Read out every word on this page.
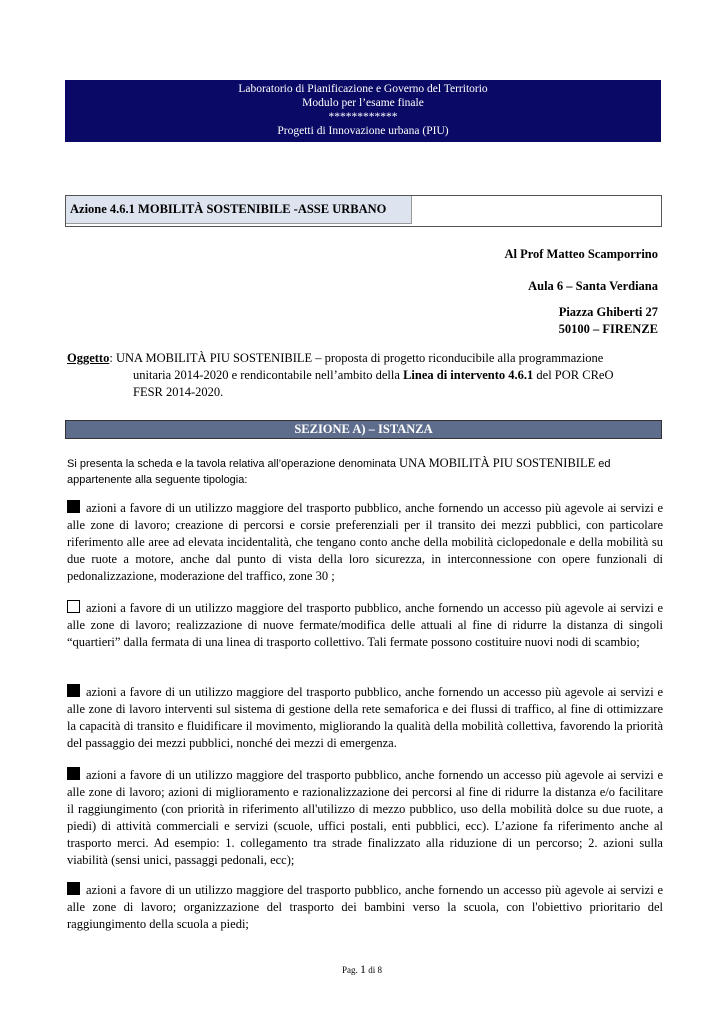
Laboratorio di Pianificazione e Governo del Territorio
Modulo per l’esame finale
************
Progetti di Innovazione urbana (PIU)
Azione 4.6.1 MOBILITÀ SOSTENIBILE -ASSE URBANO
Al Prof Matteo Scamporrino
Aula 6 – Santa Verdiana
Piazza Ghiberti 27
50100 – FIRENZE
Oggetto: UNA MOBILITÀ PIU SOSTENIBILE – proposta di progetto riconducibile alla programmazione
unitaria 2014-2020 e rendicontabile nell’ambito della Linea di intervento 4.6.1 del POR CReO
FESR 2014-2020.
SEZIONE A) – ISTANZA
Si presenta la scheda e la tavola relativa all’operazione denominata UNA MOBILITÀ PIU SOSTENIBILE ed
appartenente alla seguente tipologia:
azioni a favore di un utilizzo maggiore del trasporto pubblico, anche fornendo un accesso più agevole ai servizi e alle zone di lavoro; creazione di percorsi e corsie preferenziali per il transito dei mezzi pubblici, con particolare riferimento alle aree ad elevata incidentalità, che tengano conto anche della mobilità ciclopedonale e della mobilità su due ruote a motore, anche dal punto di vista della loro sicurezza, in interconnessione con opere funzionali di pedonalizzazione, moderazione del traffico, zone 30 ;
azioni a favore di un utilizzo maggiore del trasporto pubblico, anche fornendo un accesso più agevole ai servizi e alle zone di lavoro; realizzazione di nuove fermate/modifica delle attuali al fine di ridurre la distanza di singoli “quartieri” dalla fermata di una linea di trasporto collettivo. Tali fermate possono costituire nuovi nodi di scambio;
azioni a favore di un utilizzo maggiore del trasporto pubblico, anche fornendo un accesso più agevole ai servizi e alle zone di lavoro interventi sul sistema di gestione della rete semaforica e dei flussi di traffico, al fine di ottimizzare la capacità di transito e fluidificare il movimento, migliorando la qualità della mobilità collettiva, favorendo la priorità del passaggio dei mezzi pubblici, nonché dei mezzi di emergenza.
azioni a favore di un utilizzo maggiore del trasporto pubblico, anche fornendo un accesso più agevole ai servizi e alle zone di lavoro; azioni di miglioramento e razionalizzazione dei percorsi al fine di ridurre la distanza e/o facilitare il raggiungimento (con priorità in riferimento all'utilizzo di mezzo pubblico, uso della mobilità dolce su due ruote, a piedi) di attività commerciali e servizi (scuole, uffici postali, enti pubblici, ecc). L’azione fa riferimento anche al trasporto merci. Ad esempio: 1. collegamento tra strade finalizzato alla riduzione di un percorso; 2. azioni sulla viabilità (sensi unici, passaggi pedonali, ecc);
azioni a favore di un utilizzo maggiore del trasporto pubblico, anche fornendo un accesso più agevole ai servizi e alle zone di lavoro; organizzazione del trasporto dei bambini verso la scuola, con l'obiettivo prioritario del raggiungimento della scuola a piedi;
Pag. 1 di 8
